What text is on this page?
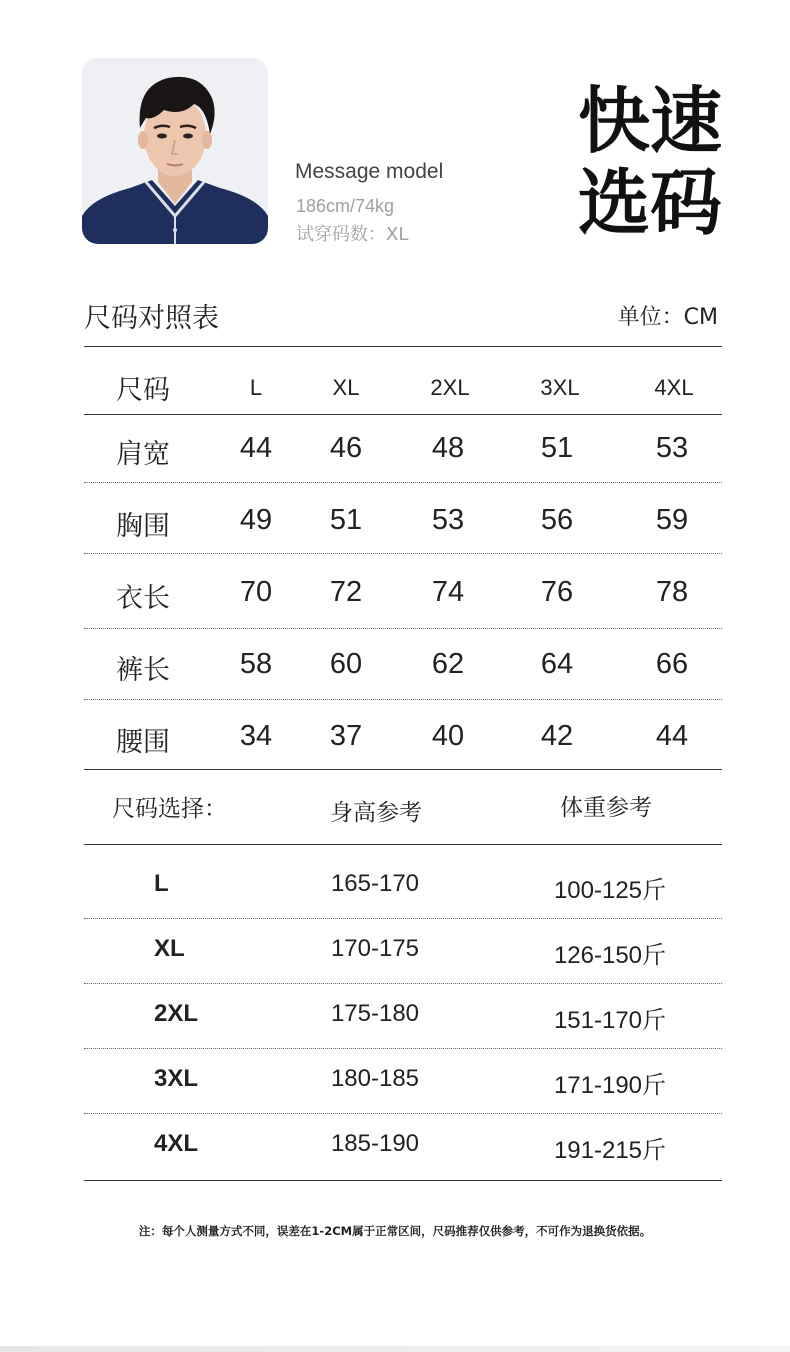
Message model
186cm/74kg
试穿码数：XL
快速
选码
尺码对照表	单位：CM
尺码	L	XL	2XL	3XL	4XL
肩宽	44	46	48	51	53
胸围	49	51	53	56	59
衣长	70	72	74	76	78
裤长	58	60	62	64	66
腰围	34	37	40	42	44
尺码选择：	身高参考	体重参考
L	165-170	100-125斤
XL	170-175	126-150斤
2XL	175-180	151-170斤
3XL	180-185	171-190斤
4XL	185-190	191-215斤
注：每个人测量方式不同，误差在1-2CM属于正常区间，尺码推荐仅供参考，不可作为退换货依据。
